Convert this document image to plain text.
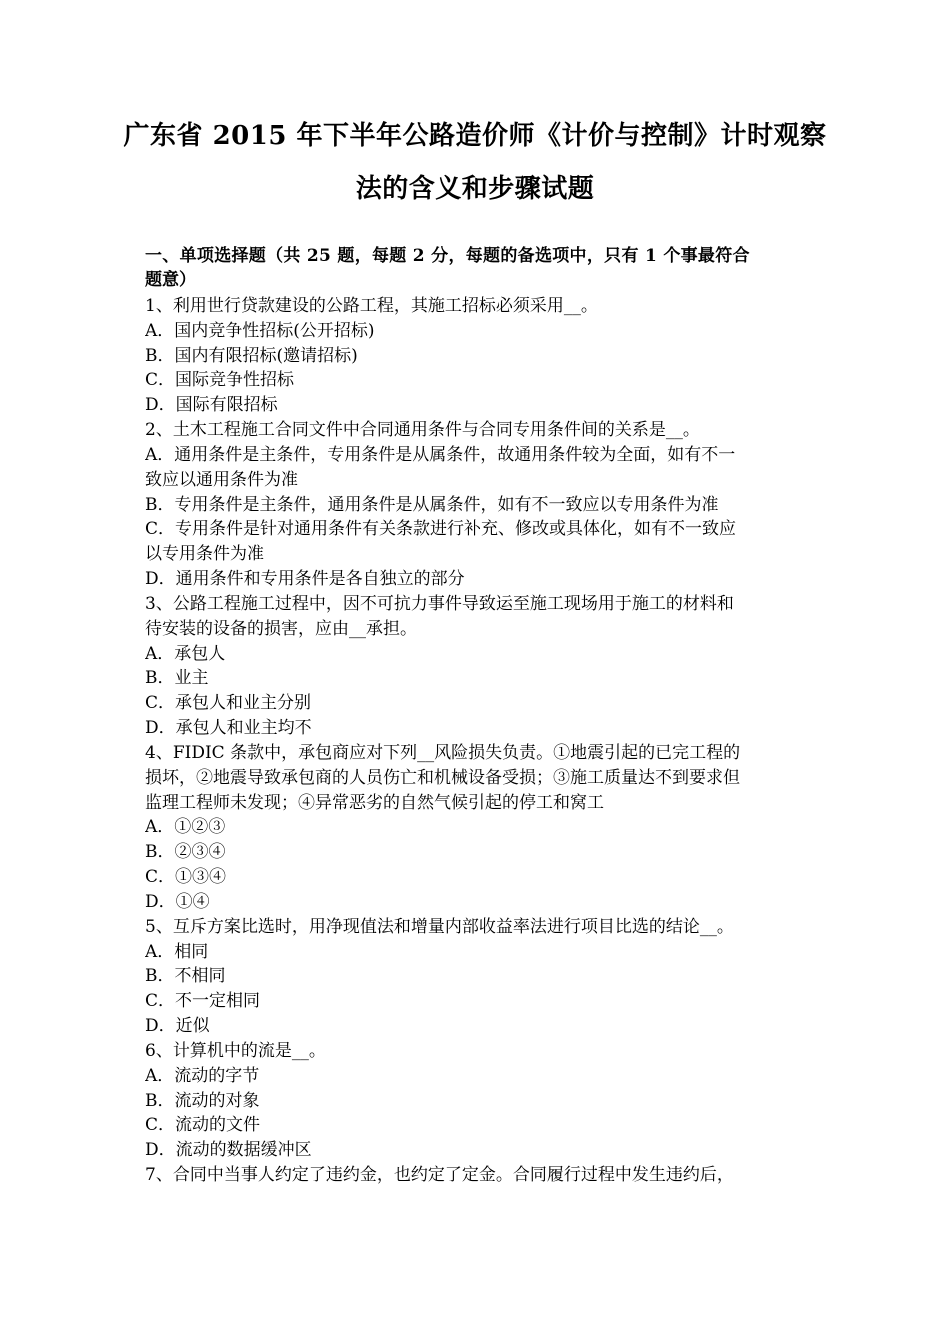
广东省 2015 年下半年公路造价师《计价与控制》计时观察
法的含义和步骤试题
一、单项选择题（共 25 题，每题 2 分，每题的备选项中，只有 1 个事最符合
题意）
1、利用世行贷款建设的公路工程，其施工招标必须采用__。
A．国内竞争性招标(公开招标)
B．国内有限招标(邀请招标)
C．国际竞争性招标
D．国际有限招标
2、土木工程施工合同文件中合同通用条件与合同专用条件间的关系是__。
A．通用条件是主条件，专用条件是从属条件，故通用条件较为全面，如有不一
致应以通用条件为准
B．专用条件是主条件，通用条件是从属条件，如有不一致应以专用条件为准
C．专用条件是针对通用条件有关条款进行补充、修改或具体化，如有不一致应
以专用条件为准
D．通用条件和专用条件是各自独立的部分
3、公路工程施工过程中，因不可抗力事件导致运至施工现场用于施工的材料和
待安装的设备的损害，应由__承担。
A．承包人
B．业主
C．承包人和业主分别
D．承包人和业主均不
4、FIDIC 条款中，承包商应对下列__风险损失负责。①地震引起的已完工程的
损坏，②地震导致承包商的人员伤亡和机械设备受损；③施工质量达不到要求但
监理工程师未发现；④异常恶劣的自然气候引起的停工和窝工
A．①②③
B．②③④
C．①③④
D．①④
5、互斥方案比选时，用净现值法和增量内部收益率法进行项目比选的结论__。
A．相同
B．不相同
C．不一定相同
D．近似
6、计算机中的流是__。
A．流动的字节
B．流动的对象
C．流动的文件
D．流动的数据缓冲区
7、合同中当事人约定了违约金，也约定了定金。合同履行过程中发生违约后，
